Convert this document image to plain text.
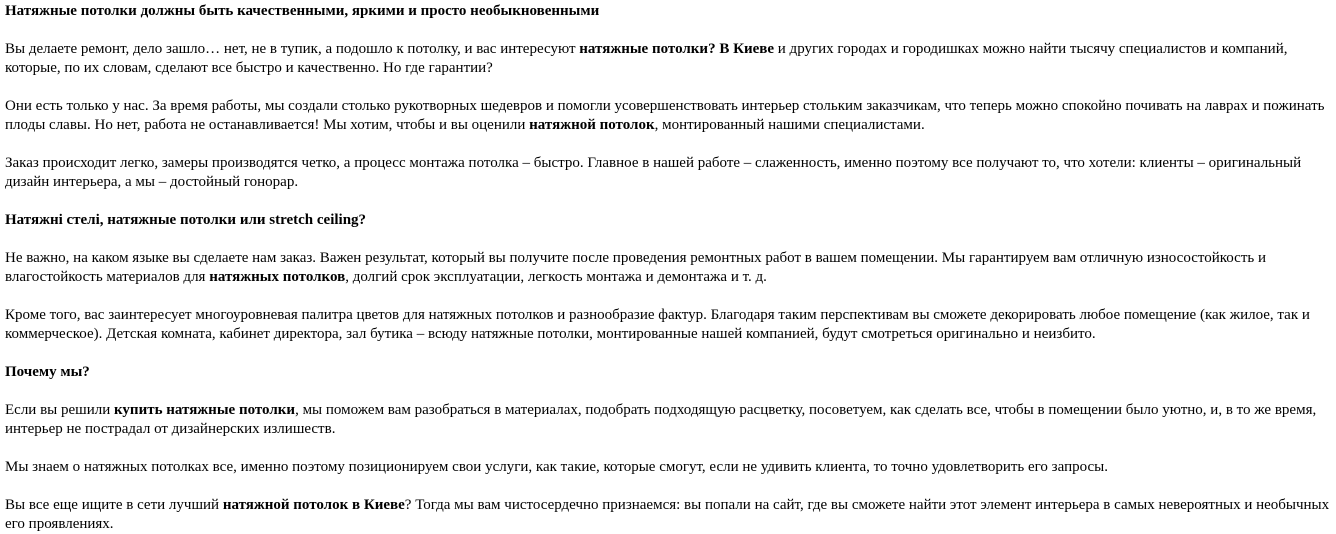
Натяжные потолки должны быть качественными, яркими и просто необыкновенными

Вы делаете ремонт, дело зашло… нет, не в тупик, а подошло к потолку, и вас интересуют натяжные потолки? В Киеве и других городах и городишках можно найти тысячу специалистов и компаний, которые, по их словам, сделают все быстро и качественно. Но где гарантии?

Они есть только у нас. За время работы, мы создали столько рукотворных шедевров и помогли усовершенствовать интерьер стольким заказчикам, что теперь можно спокойно почивать на лаврах и пожинать плоды славы. Но нет, работа не останавливается! Мы хотим, чтобы и вы оценили натяжной потолок, монтированный нашими специалистами.

Заказ происходит легко, замеры производятся четко, а процесс монтажа потолка – быстро. Главное в нашей работе – слаженность, именно поэтому все получают то, что хотели: клиенты – оригинальный дизайн интерьера, а мы – достойный гонорар.

Натяжні стелі, натяжные потолки или stretch ceiling?

Не важно, на каком языке вы сделаете нам заказ. Важен результат, который вы получите после проведения ремонтных работ в вашем помещении. Мы гарантируем вам отличную износостойкость и влагостойкость материалов для натяжных потолков, долгий срок эксплуатации, легкость монтажа и демонтажа и т. д.

Кроме того, вас заинтересует многоуровневая палитра цветов для натяжных потолков и разнообразие фактур. Благодаря таким перспективам вы сможете декорировать любое помещение (как жилое, так и коммерческое). Детская комната, кабинет директора, зал бутика – всюду натяжные потолки, монтированные нашей компанией, будут смотреться оригинально и неизбито.

Почему мы?

Если вы решили купить натяжные потолки, мы поможем вам разобраться в материалах, подобрать подходящую расцветку, посоветуем, как сделать все, чтобы в помещении было уютно, и, в то же время, интерьер не пострадал от дизайнерских излишеств.

Мы знаем о натяжных потолках все, именно поэтому позиционируем свои услуги, как такие, которые смогут, если не удивить клиента, то точно удовлетворить его запросы.

Вы все еще ищите в сети лучший натяжной потолок в Киеве? Тогда мы вам чистосердечно признаемся: вы попали на сайт, где вы сможете найти этот элемент интерьера в самых невероятных и необычных его проявлениях.
